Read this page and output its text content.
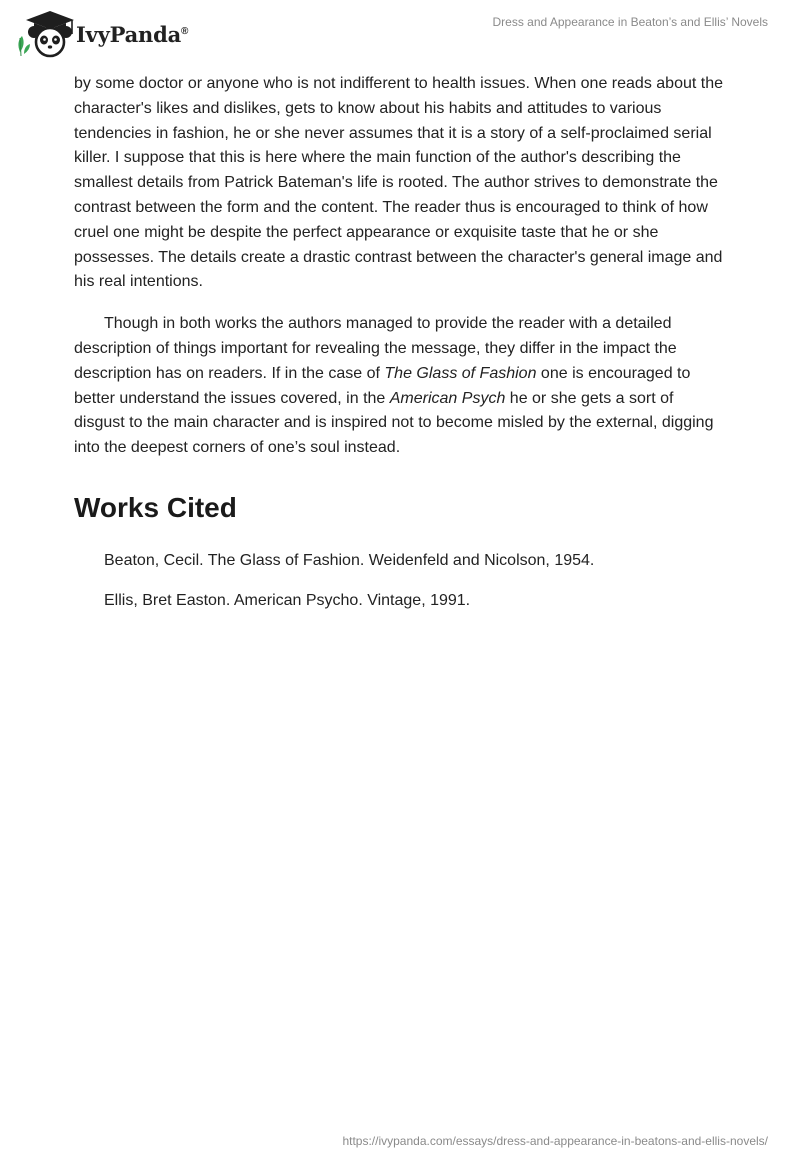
IvyPanda®
Dress and Appearance in Beaton’s and Ellis’ Novels

by some doctor or anyone who is not indifferent to health issues. When one reads about the character's likes and dislikes, gets to know about his habits and attitudes to various tendencies in fashion, he or she never assumes that it is a story of a self-proclaimed serial killer. I suppose that this is here where the main function of the author's describing the smallest details from Patrick Bateman's life is rooted. The author strives to demonstrate the contrast between the form and the content. The reader thus is encouraged to think of how cruel one might be despite the perfect appearance or exquisite taste that he or she possesses. The details create a drastic contrast between the character's general image and his real intentions.

Though in both works the authors managed to provide the reader with a detailed description of things important for revealing the message, they differ in the impact the description has on readers. If in the case of The Glass of Fashion one is encouraged to better understand the issues covered, in the American Psych he or she gets a sort of disgust to the main character and is inspired not to become misled by the external, digging into the deepest corners of one’s soul instead.

Works Cited

Beaton, Cecil. The Glass of Fashion. Weidenfeld and Nicolson, 1954.

Ellis, Bret Easton. American Psycho. Vintage, 1991.

https://ivypanda.com/essays/dress-and-appearance-in-beatons-and-ellis-novels/
